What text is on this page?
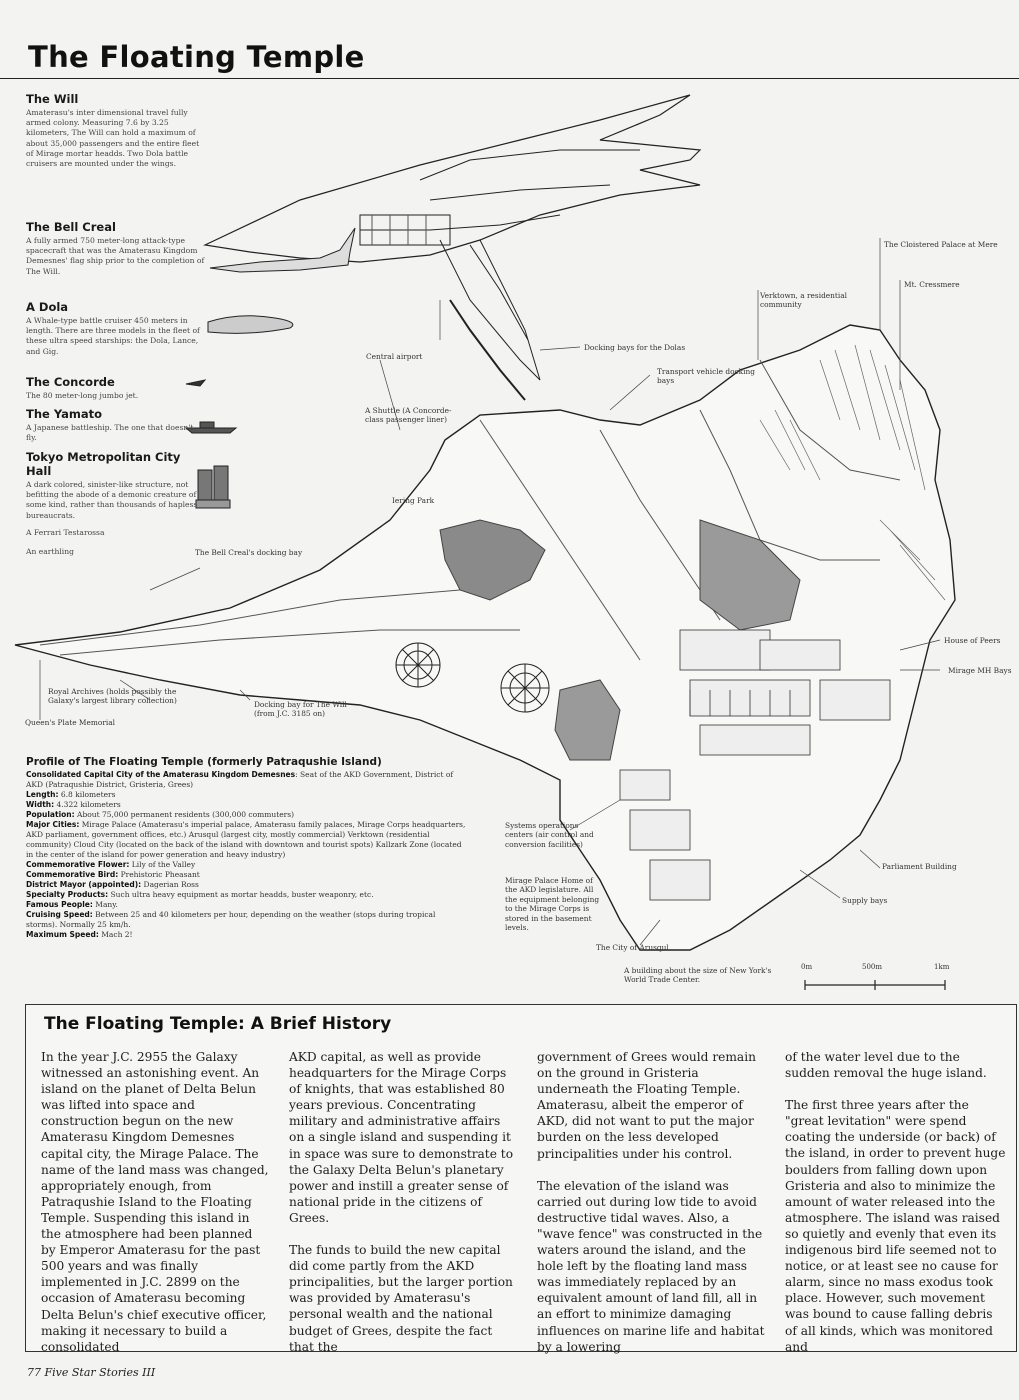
The Floating Temple
The Will

Amaterasu's inter dimensional travel fully armed colony. Measuring 7.6 by 3.25 kilometers, The Will can hold a maximum of about 35,000 passengers and the entire fleet of Mirage mortar headds. Two Dola battle cruisers are mounted under the wings.

The Bell Creal

A fully armed 750 meter-long attack-type spacecraft that was the Amaterasu Kingdom Demesnes' flag ship prior to the completion of The Will.

A Dola

A Whale-type battle cruiser 450 meters in length. There are three models in the fleet of these ultra speed starships: the Dola, Lance, and Gig.

The Concorde

The 80 meter-long jumbo jet.

The Yamato

A Japanese battleship. The one that doesn't fly.

Tokyo Metropolitan City Hall

A dark colored, sinister-like structure, not befitting the abode of a demonic creature of some kind, rather than thousands of hapless bureaucrats.

A Ferrari Testarossa
An earthling
The Cloistered Palace at Mere
Mt. Cressmere
Verktown, a residential community
Docking bays for the Dolas
Central airport
Transport vehicle docking bays
A Shuttle (A Concorde-class passenger liner)
Iering Park
The Bell Creal's docking bay
House of Peers
Mirage MH Bays
Royal Archives (holds possibly the Galaxy's largest library collection)	Docking bay for The Will (from J.C. 3185 on)
Queen's Plate Memorial
Systems operations centers (air control and conversion facilities)
Parliament Building
Mirage Palace Home of the AKD legislature. All the equipment belonging to the Mirage Corps is stored in the basement levels.
Supply bays
The City of Arusqul
A building about the size of New York's World Trade Center.
0m	500m	1km
Profile of The Floating Temple (formerly Patraqushie Island)
Consolidated Capital City of the Amaterasu Kingdom Demesnes: Seat of the AKD Government, District of AKD (Patraqushie District, Gristeria, Grees)
Length: 6.8 kilometers
Width: 4.322 kilometers
Population: About 75,000 permanent residents (300,000 commuters)
Major Cities: Mirage Palace (Amaterasu's imperial palace, Amaterasu family palaces, Mirage Corps headquarters, AKD parliament, government offices, etc.) Arusqul (largest city, mostly commercial) Verktown (residential community) Cloud City (located on the back of the island with downtown and tourist spots) Kallzark Zone (located in the center of the island for power generation and heavy industry)
Commemorative Flower: Lily of the Valley
Commemorative Bird: Prehistoric Pheasant
District Mayor (appointed): Dagerian Ross
Specialty Products: Such ultra heavy equipment as mortar headds, buster weaponry, etc.
Famous People: Many.
Cruising Speed: Between 25 and 40 kilometers per hour, depending on the weather (stops during tropical storms). Normally 25 km/h.
Maximum Speed: Mach 2!
The Floating Temple: A Brief History

In the year J.C. 2955 the Galaxy witnessed an astonishing event. An island on the planet of Delta Belun was lifted into space and construction begun on the new Amaterasu Kingdom Demesnes capital city, the Mirage Palace. The name of the land mass was changed, appropriately enough, from Patraqushie Island to the Floating Temple. Suspending this island in the atmosphere had been planned by Emperor Amaterasu for the past 500 years and was finally implemented in J.C. 2899 on the occasion of Amaterasu becoming Delta Belun's chief executive officer, making it necessary to build a consolidated

AKD capital, as well as provide headquarters for the Mirage Corps of knights, that was established 80 years previous. Concentrating military and administrative affairs on a single island and suspending it in space was sure to demonstrate to the Galaxy Delta Belun's planetary power and instill a greater sense of national pride in the citizens of Grees.

The funds to build the new capital did come partly from the AKD principalities, but the larger portion was provided by Amaterasu's personal wealth and the national budget of Grees, despite the fact that the

government of Grees would remain on the ground in Gristeria underneath the Floating Temple. Amaterasu, albeit the emperor of AKD, did not want to put the major burden on the less developed principalities under his control.

The elevation of the island was carried out during low tide to avoid destructive tidal waves. Also, a "wave fence" was constructed in the waters around the island, and the hole left by the floating land mass was immediately replaced by an equivalent amount of land fill, all in an effort to minimize damaging influences on marine life and habitat by a lowering

of the water level due to the sudden removal the huge island.

The first three years after the "great levitation" were spend coating the underside (or back) of the island, in order to prevent huge boulders from falling down upon Gristeria and also to minimize the amount of water released into the atmosphere. The island was raised so quietly and evenly that even its indigenous bird life seemed not to notice, or at least see no cause for alarm, since no mass exodus took place. However, such movement was bound to cause falling debris of all kinds, which was monitored and

77 Five Star Stories III
